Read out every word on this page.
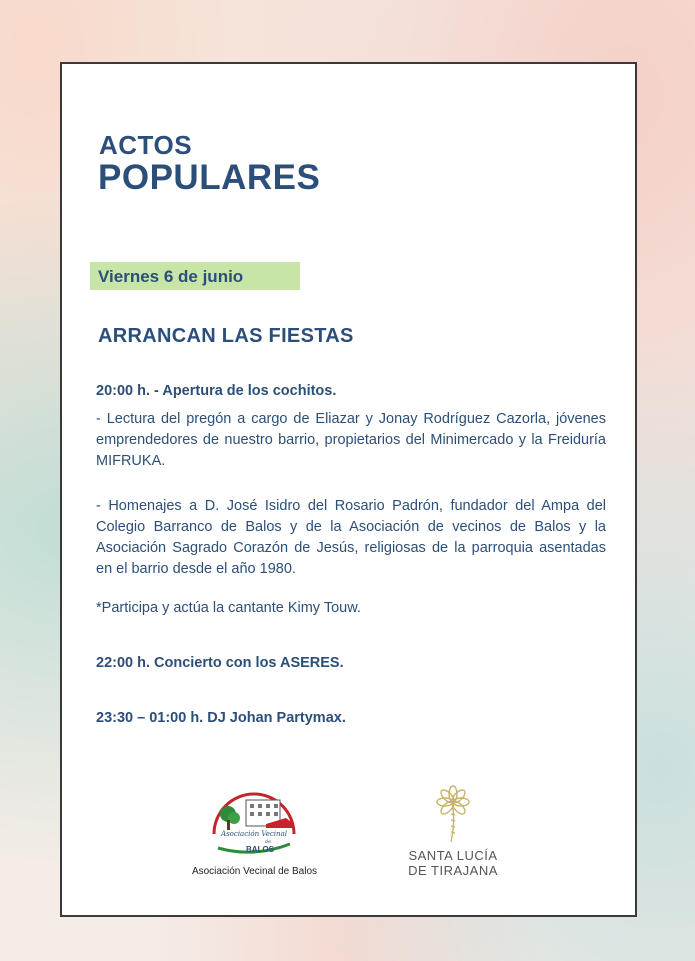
ACTOS
POPULARES
Viernes 6 de junio
ARRANCAN LAS FIESTAS
20:00 h. - Apertura de los cochitos.
- Lectura del pregón a cargo de Eliazar y Jonay Rodríguez Cazorla, jóvenes emprendedores de nuestro barrio, propietarios del Minimercado y la Freiduría MIFRUKA.
- Homenajes a D. José Isidro del Rosario Padrón, fundador del Ampa del Colegio Barranco de Balos y de la Asociación de vecinos de Balos y la Asociación Sagrado Corazón de Jesús, religiosas de la parroquia asentadas en el barrio desde el año 1980.
*Participa y actúa la cantante Kimy Touw.
22:00 h. Concierto con los ASERES.
23:30 – 01:00 h. DJ Johan Partymax.
Asociación Vecinal
de
BALOS
Asociación Vecinal de Balos
SANTA LUCÍA
DE TIRAJANA
